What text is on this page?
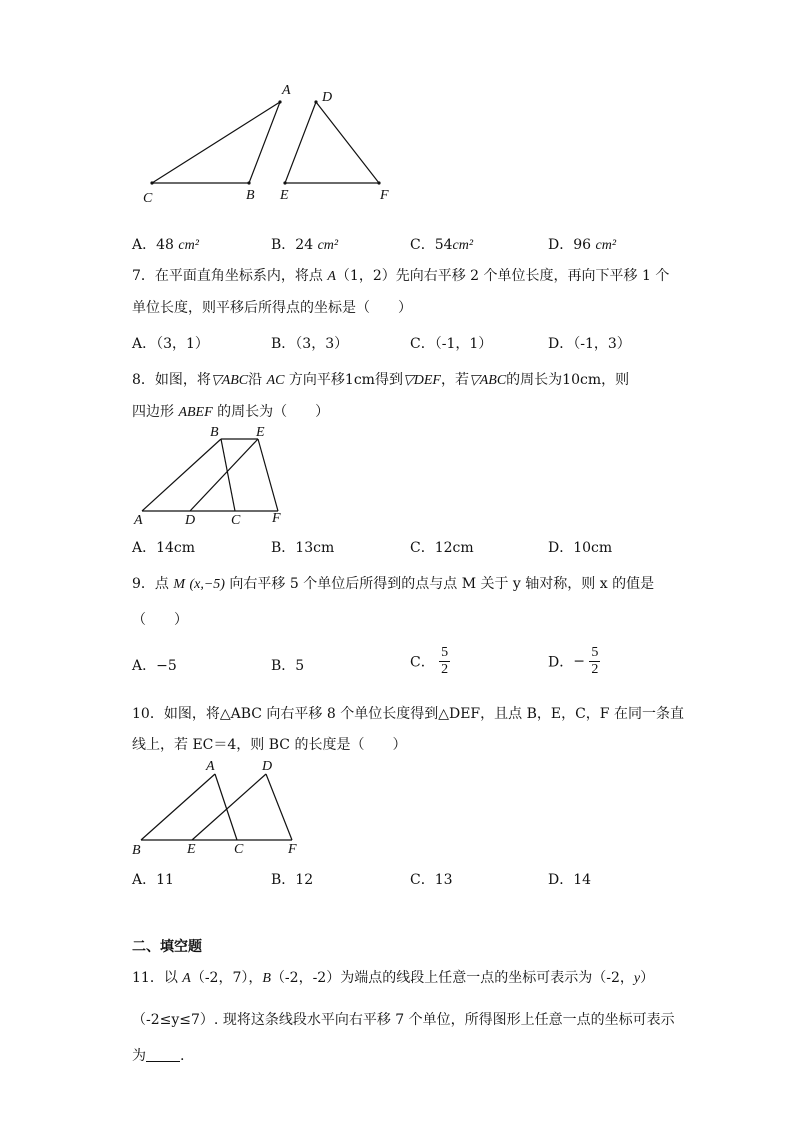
A D
C	B E	F
A．48 cm²	B．24 cm²	C．54cm²	D．96 cm²
7．在平面直角坐标系内，将点 A（1，2）先向右平移 2 个单位长度，再向下平移 1 个
单位长度，则平移后所得点的坐标是（　　）
A．（3，1）	B．（3，3）	C．（-1，1）	D．（-1，3）
8．如图，将▽ABC沿 AC 方向平移1cm得到▽DEF，若▽ABC的周长为10cm，则
四边形 ABEF 的周长为（　　）
B	E
A	D	C F
A．14cm	B．13cm	C．12cm	D．10cm
9．点 M (x,−5) 向右平移 5 个单位后所得到的点与点 M 关于 y 轴对称，则 x 的值是
（　　）
A．−5	B．5	C． $\frac{5}{2}$	D．− $\frac{5}{2}$
10．如图，将△ABC 向右平移 8 个单位长度得到△DEF，且点 B，E，C，F 在同一条直
线上，若 EC＝4，则 BC 的长度是（　　）
A	D
B	E	C	F
A．11	B．12	C．13	D．14
二、填空题
11．以 A（-2，7），B（-2，-2）为端点的线段上任意一点的坐标可表示为（-2，y）
（-2≤y≤7）. 现将这条线段水平向右平移 7 个单位，所得图形上任意一点的坐标可表示
为 .
